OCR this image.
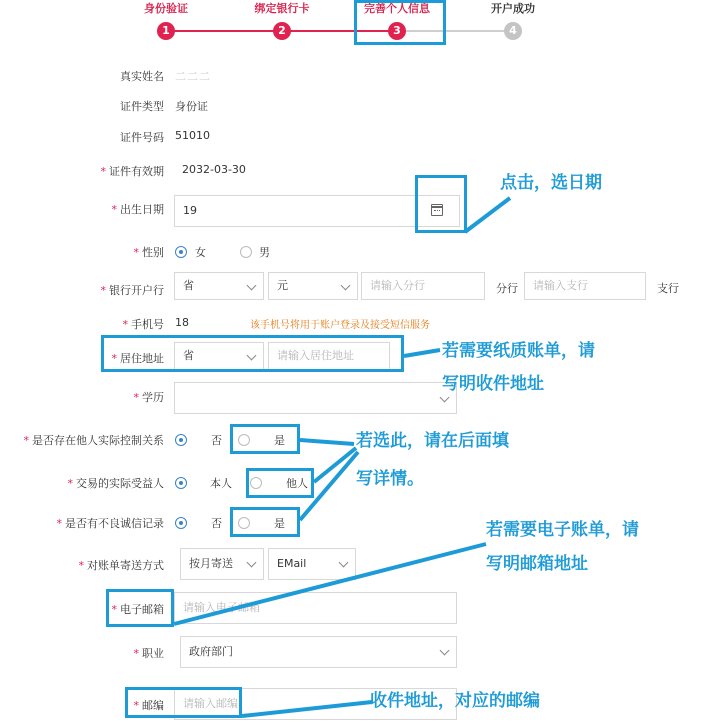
身份验证
1
绑定银行卡
2
完善个人信息
3
开户成功
4
真实姓名 二二二
证件类型 身份证
证件号码 51010
* 证件有效期 2032-03-30
* 出生日期	19
* 性别	女	男
* 银行开户行	省	元	请输入分行	分行	请输入支行	支行
* 手机号 18	该手机号将用于账户登录及接受短信服务
* 居住地址	省	请输入居住地址
* 学历
* 是否存在他人实际控制关系	否	是
* 交易的实际受益人	本人	他人
* 是否有不良诚信记录	否	是
* 对账单寄送方式	按月寄送	EMail
* 电子邮箱	请输入电子邮箱
* 职业	政府部门
* 邮编	请输入邮编
点击，选日期
若需要纸质账单，请
写明收件地址
若选此，请在后面填
写详情。
若需要电子账单，请
写明邮箱地址
收件地址，对应的邮编
